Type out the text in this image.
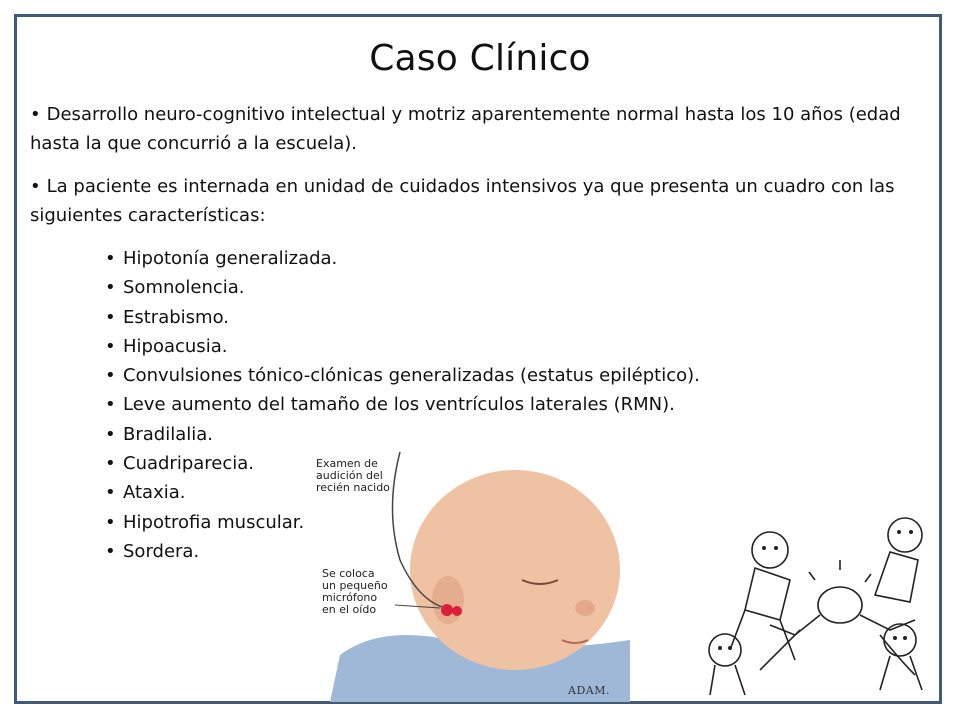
Caso Clínico
• Desarrollo neuro-cognitivo intelectual y motriz aparentemente normal hasta los 10 años (edad hasta la que concurrió a la escuela).
• La paciente es internada en unidad de cuidados intensivos ya que presenta un cuadro con las siguientes características:
• Hipotonía generalizada.
• Somnolencia.
• Estrabismo.
• Hipoacusia.
• Convulsiones tónico-clónicas generalizadas (estatus epiléptico).
• Leve aumento del tamaño de los ventrículos laterales (RMN).
• Bradilalia.
• Cuadriparecia.
• Ataxia.
• Hipotrofia muscular.
• Sordera.
Examen de
audición del
recién nacido
Se coloca
un pequeño
micrófono
en el oído
ADAM.
